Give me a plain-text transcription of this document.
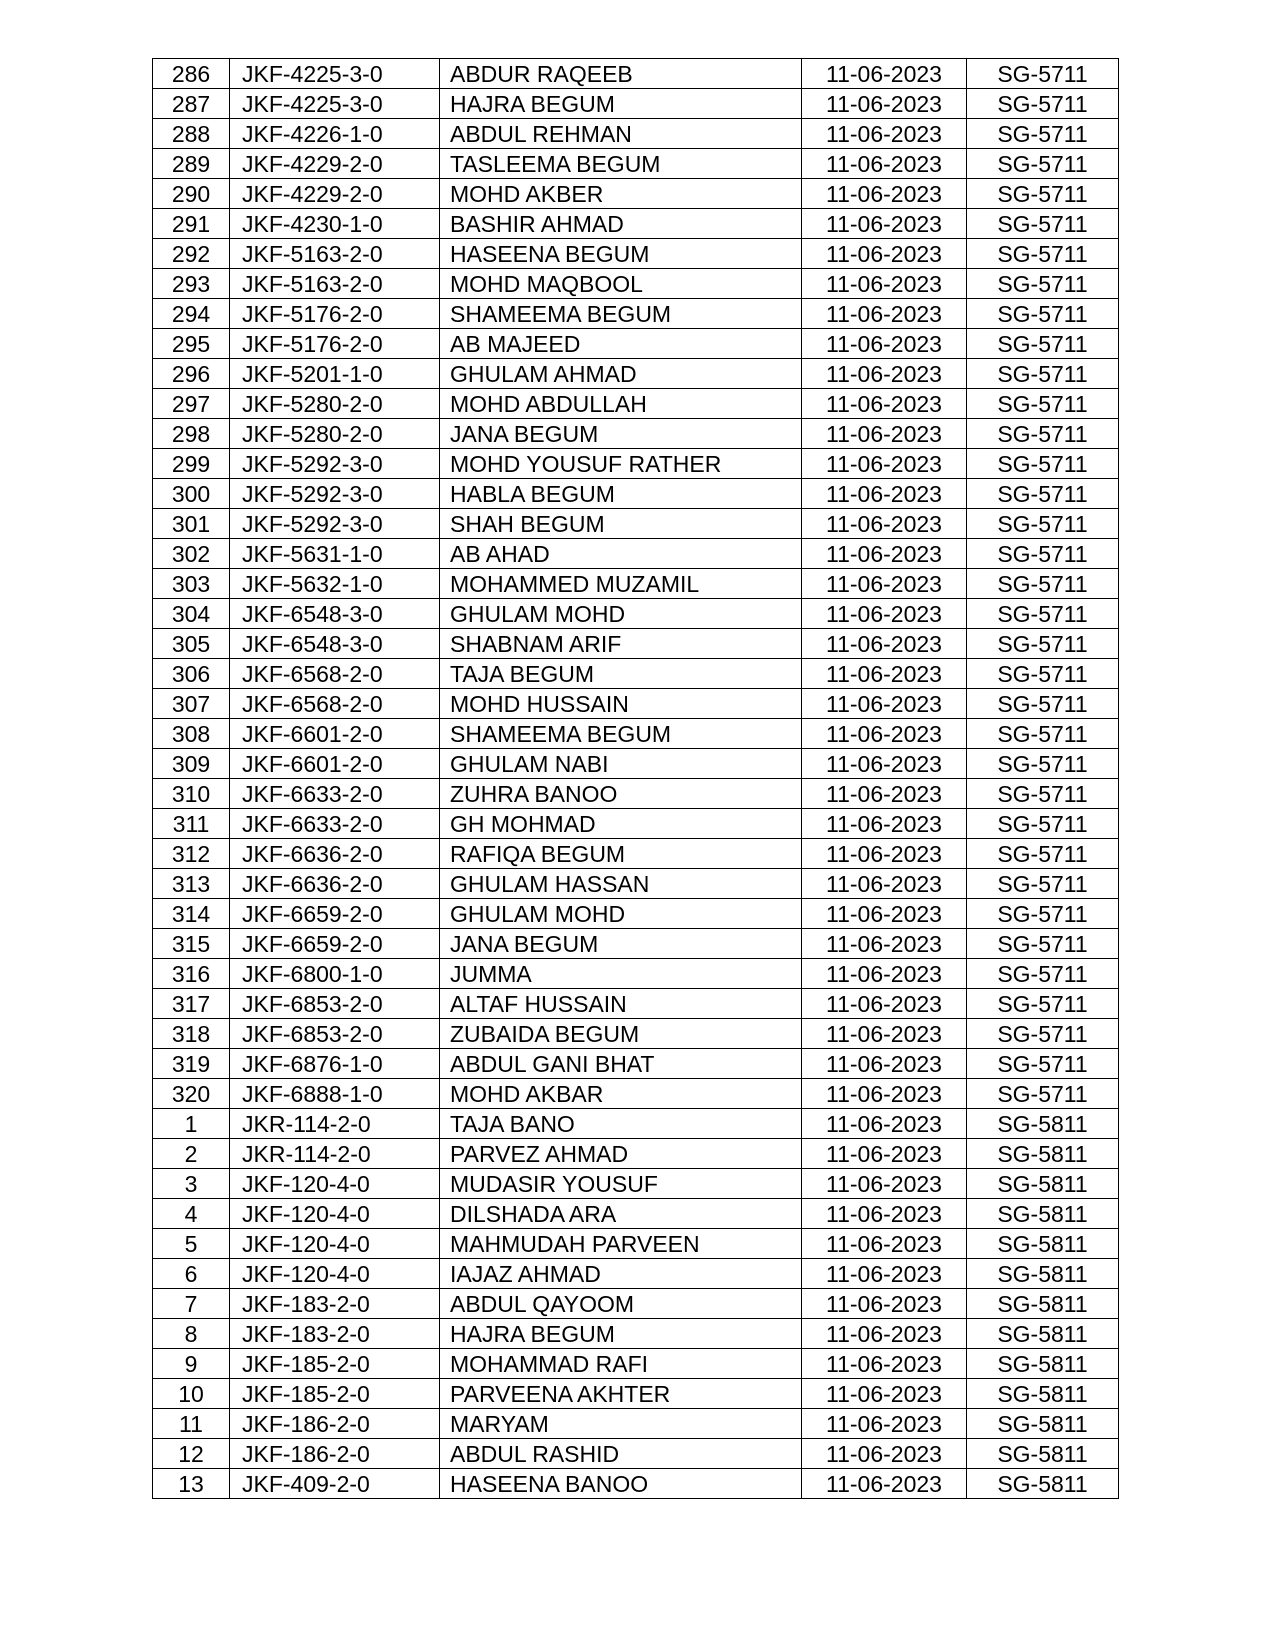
286	JKF-4225-3-0	ABDUR RAQEEB	11-06-2023	SG-5711
287	JKF-4225-3-0	HAJRA BEGUM	11-06-2023	SG-5711
288	JKF-4226-1-0	ABDUL REHMAN	11-06-2023	SG-5711
289	JKF-4229-2-0	TASLEEMA BEGUM	11-06-2023	SG-5711
290	JKF-4229-2-0	MOHD AKBER	11-06-2023	SG-5711
291	JKF-4230-1-0	BASHIR AHMAD	11-06-2023	SG-5711
292	JKF-5163-2-0	HASEENA BEGUM	11-06-2023	SG-5711
293	JKF-5163-2-0	MOHD MAQBOOL	11-06-2023	SG-5711
294	JKF-5176-2-0	SHAMEEMA BEGUM	11-06-2023	SG-5711
295	JKF-5176-2-0	AB MAJEED	11-06-2023	SG-5711
296	JKF-5201-1-0	GHULAM AHMAD	11-06-2023	SG-5711
297	JKF-5280-2-0	MOHD ABDULLAH	11-06-2023	SG-5711
298	JKF-5280-2-0	JANA BEGUM	11-06-2023	SG-5711
299	JKF-5292-3-0	MOHD YOUSUF RATHER	11-06-2023	SG-5711
300	JKF-5292-3-0	HABLA BEGUM	11-06-2023	SG-5711
301	JKF-5292-3-0	SHAH BEGUM	11-06-2023	SG-5711
302	JKF-5631-1-0	AB AHAD	11-06-2023	SG-5711
303	JKF-5632-1-0	MOHAMMED MUZAMIL	11-06-2023	SG-5711
304	JKF-6548-3-0	GHULAM MOHD	11-06-2023	SG-5711
305	JKF-6548-3-0	SHABNAM ARIF	11-06-2023	SG-5711
306	JKF-6568-2-0	TAJA BEGUM	11-06-2023	SG-5711
307	JKF-6568-2-0	MOHD HUSSAIN	11-06-2023	SG-5711
308	JKF-6601-2-0	SHAMEEMA BEGUM	11-06-2023	SG-5711
309	JKF-6601-2-0	GHULAM NABI	11-06-2023	SG-5711
310	JKF-6633-2-0	ZUHRA BANOO	11-06-2023	SG-5711
311	JKF-6633-2-0	GH MOHMAD	11-06-2023	SG-5711
312	JKF-6636-2-0	RAFIQA BEGUM	11-06-2023	SG-5711
313	JKF-6636-2-0	GHULAM HASSAN	11-06-2023	SG-5711
314	JKF-6659-2-0	GHULAM MOHD	11-06-2023	SG-5711
315	JKF-6659-2-0	JANA BEGUM	11-06-2023	SG-5711
316	JKF-6800-1-0	JUMMA	11-06-2023	SG-5711
317	JKF-6853-2-0	ALTAF HUSSAIN	11-06-2023	SG-5711
318	JKF-6853-2-0	ZUBAIDA BEGUM	11-06-2023	SG-5711
319	JKF-6876-1-0	ABDUL GANI BHAT	11-06-2023	SG-5711
320	JKF-6888-1-0	MOHD AKBAR	11-06-2023	SG-5711
1	JKR-114-2-0	TAJA BANO	11-06-2023	SG-5811
2	JKR-114-2-0	PARVEZ AHMAD	11-06-2023	SG-5811
3	JKF-120-4-0	MUDASIR YOUSUF	11-06-2023	SG-5811
4	JKF-120-4-0	DILSHADA ARA	11-06-2023	SG-5811
5	JKF-120-4-0	MAHMUDAH PARVEEN	11-06-2023	SG-5811
6	JKF-120-4-0	IAJAZ AHMAD	11-06-2023	SG-5811
7	JKF-183-2-0	ABDUL QAYOOM	11-06-2023	SG-5811
8	JKF-183-2-0	HAJRA BEGUM	11-06-2023	SG-5811
9	JKF-185-2-0	MOHAMMAD RAFI	11-06-2023	SG-5811
10	JKF-185-2-0	PARVEENA AKHTER	11-06-2023	SG-5811
11	JKF-186-2-0	MARYAM	11-06-2023	SG-5811
12	JKF-186-2-0	ABDUL RASHID	11-06-2023	SG-5811
13	JKF-409-2-0	HASEENA BANOO	11-06-2023	SG-5811
